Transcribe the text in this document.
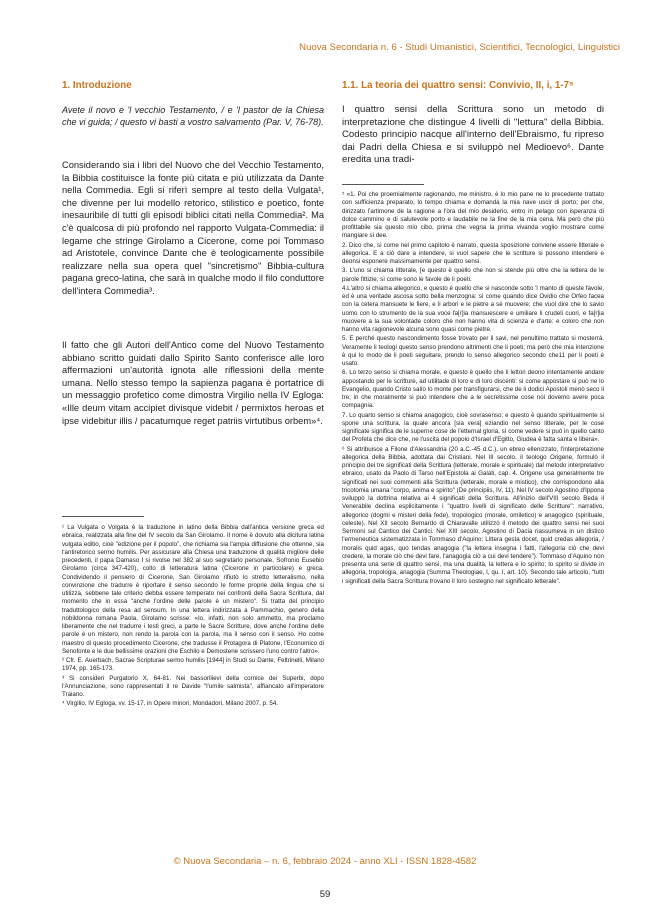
Nuova Secondaria n. 6 - Studi Umanistici, Scientifici, Tecnologici, Linguistici
1. Introduzione
Avete il novo e 'l vecchio Testamento, / e 'l pastor de la Chiesa che vi guida; / questo vi basti a vostro salvamento (Par. V, 76-78).
Considerando sia i libri del Nuovo che del Vecchio Testamento, la Bibbia costituisce la fonte più citata e più utilizzata da Dante nella Commedia. Egli si riferì sempre al testo della Vulgata¹, che divenne per lui modello retorico, stilistico e poetico, fonte inesauribile di tutti gli episodi biblici citati nella Commedia². Ma c'è qualcosa di più profondo nel rapporto Vulgata-Commedia: il legame che stringe Girolamo a Cicerone, come poi Tommaso ad Aristotele, convince Dante che è teologicamente possibile realizzare nella sua opera quel "sincretismo" Bibbia-cultura pagana greco-latina, che sarà in qualche modo il filo conduttore dell'intera Commedia³.
Il fatto che gli Autori dell'Antico come del Nuovo Testamento abbiano scritto guidati dallo Spirito Santo conferisce alle loro affermazioni un'autorità ignota alle riflessioni della mente umana. Nello stesso tempo la sapienza pagana è portatrice di un messaggio profetico come dimostra Virgilio nella IV Egloga: «Ille deum vitam accipiet divisque videbit / permixtos heroas et ipse videbitur illis / pacatumque reget patriis virtutibus orbem»⁴.

¹ La Vulgata o Volgata è la traduzione in latino della Bibbia dall'antica versione greca ed ebraica, realizzata alla fine del IV secolo da San Girolamo. Il nome è dovuto alla dicitura latina vulgata editio, cioè "edizione per il popolo", che richiama sia l'ampia diffusione che ottenne, sia l'antiretorico sermo humilis. Per assicurare alla Chiesa una traduzione di qualità migliore delle precedenti, il papa Damaso I si rivolse nel 382 al suo segretario personale, Sofronio Eusebio Girolamo (circa 347-420), colto di letteratura latina (Cicerone in particolare) e greca. Condividendo il pensiero di Cicerone, San Girolamo rifiutò lo stretto letteralismo, nella convinzione che tradurre è riportare il senso secondo le forme proprie della lingua che si utilizza, sebbene tale criterio debba essere temperato nei confronti della Sacra Scrittura, dal momento che in essa "anche l'ordine delle parole è un mistero". Si tratta del principio traduttologico della resa ad sensum. In una lettera indirizzata a Pammachio, genero della nobildonna romana Paola, Girolamo scrisse: «Io, infatti, non solo ammetto, ma proclamo liberamente che nel tradurre i testi greci, a parte le Sacre Scritture, dove anche l'ordine delle parole è un mistero, non rendo la parola con la parola, ma il senso con il senso. Ho come maestro di questo procedimento Cicerone, che tradusse il Protagora di Platone, l'Economico di Senofonte e le due bellissime orazioni che Eschilo e Demostene scrissero l'uno contro l'altro».

² Cfr. E. Auerbach, Sacrae Scripturae sermo humilis [1944] in Studi su Dante, Feltrinelli, Milano 1974, pp. 165-173.

³ Si consideri Purgatorio X, 64-81. Nei bassorilievi della cornice dei Superbi, dopo l'Annunciazione, sono rappresentati il re Davide "l'umile salmista", affiancato all'imperatore Traiano.

⁴ Virgilio, IV Egloga, vv. 15-17, in Opere minori, Mondadori, Milano 2007, p. 54.

1.1. La teoria dei quattro sensi: Convivio, II, i, 1-7⁵
I quattro sensi della Scrittura sono un metodo di interpretazione che distingue 4 livelli di "lettura" della Bibbia. Codesto principio nacque all'interno dell'Ebraismo, fu ripreso dai Padri della Chiesa e si sviluppò nel Medioevo⁶. Dante eredita una tradi-

⁵ «1. Poi che proemialmente ragionando, me ministro, è lo mio pane ne lo precedente trattato con sufficienza preparato, lo tempo chiama e domanda la mia nave uscir di porto; per che, dirizzato l'artimone de la ragione a l'òra del mio desiderio, entro in pelago con isperanza di dolce cammino e di salutevole porto e laudabile ne la fine de la mia cena. Ma però che più profittabile sia questo mio cibo, prima che vegna la prima vivanda voglio mostrare come mangiare si dee.

2. Dico che, sì come nel primo capitolo è narrato, questa sposizione conviene essere litterale e allegorica. E a ciò dare a intendere, si vuol sapere che le scritture si possono intendere e deonsi esponere massimamente per quattro sensi.

3. L'uno si chiama litterale, [e questo è quello che non si stende più oltre che la lettera de le parole fittizie, sì come sono le favole de li poeti.

4.L'altro si chiama allegorico, e questo è quello che si nasconde sotto 'l manto di queste favole, ed è una veritade ascosa sotto bella menzogna: sì come quando dice Ovidio che Orfeo facea con la cetera mansuete le fiere, e li arbori e le pietre a sé muovere; che vuol dire che lo savio uomo con lo strumento de la sua voce fa[r]ia mansuescere e umiliare li crudeli cuori, e fa[r]ia muovere a la sua volontade coloro che non hanno vita di scienza e d'arte: e coloro che non hanno vita ragionevole alcuna sono quasi come pietre.

5. E perché questo nascondimento fosse trovato per li savi, nel penultimo trattato si mosterrà. Veramente li teologi questo senso prendono altrimenti che li poeti; ma però che mia intenzione è qui lo modo de li poeti seguitare, prendo lo senso allegorico secondo che11 per li poeti è usato.

6. Lo terzo senso si chiama morale, e questo è quello che li lettori deono intentamente andare appostando per le scritture, ad utilitade di loro e di loro discenti: sì come appostare si può ne lo Evangelio, quando Cristo salìo lo monte per transfigurarsi, che de li dodici Apostoli menò seco li tre; in che moralmente si può intendere che a le secretissime cose noi dovemo avere poca compagnia.

7. Lo quarto senso si chiama anagogico, cioè sovrasenso; e questo è quando spiritualmente si spone una scrittura, la quale ancora [sia vera] eziandio nel senso litterale, per le cose significate significa de le superne cose de l'etternal gloria, sì come vedere si può in quello canto del Profeta che dice che, ne l'uscita del popolo d'Israel d'Egitto, Giudea è fatta santa e libera».

⁶ Si attribuisce a Filone d'Alessandria (20 a.C.-45 d.C.), un ebreo ellenizzato, l'interpretazione allegorica della Bibbia, adottata dai Cristiani. Nel III secolo, il teologo Origene, formulò il principio dei tre significati della Scrittura (letterale, morale e spirituale) dal metodo interpretativo ebraico, usato da Paolo di Tarso nell'Epistola ai Galati, cap. 4. Origene usa generalmente tre significati nei suoi commenti alla Scrittura (letterale, morale e mistico), che corrispondono alla tricotomia umana "corpo, anima e spirito" (De principiis, IV, 11). Nel IV secolo Agostino d'Ippona sviluppò la dottrina relativa ai 4 significati della Scrittura. All'inizio dell'VIII secolo Beda il Venerabile declina esplicitamente i "quattro livelli di significato delle Scritture": narrativo, allegorico (dogmi e misteri della fede), tropologico (morale, omiletico) e anagogico (spirituale, celeste). Nel XII secolo Bernardo di Chiaravalle utilizzò il metodo dei quattro sensi nei suoi Sermoni sul Cantico dei Cantici. Nel XIII secolo, Agostino di Dacia riassumeva in un distico l'ermeneutica sistematizzata in Tommaso d'Aquino: Littera gesta docet, quid credas allegoria, / moralis quid agas, quo tendas anagogia ("la lettera insegna i fatti, l'allegoria ciò che devi credere, la morale ciò che devi fare, l'anagogia ciò a cui devi tendere"). Tommaso d'Aquino non presenta una serie di quattro sensi, ma una dualità, la lettera e lo spirito; lo spirito si divide in allegoria, tropologia, anagogia (Summa Theologiae, I, qu. I, art. 10). Secondo tale articolo, "tutti i significati della Sacra Scrittura trovano il loro sostegno nel significato letterale".

© Nuova Secondaria – n. 6, febbraio 2024 - anno XLI - ISSN 1828-4582
59
